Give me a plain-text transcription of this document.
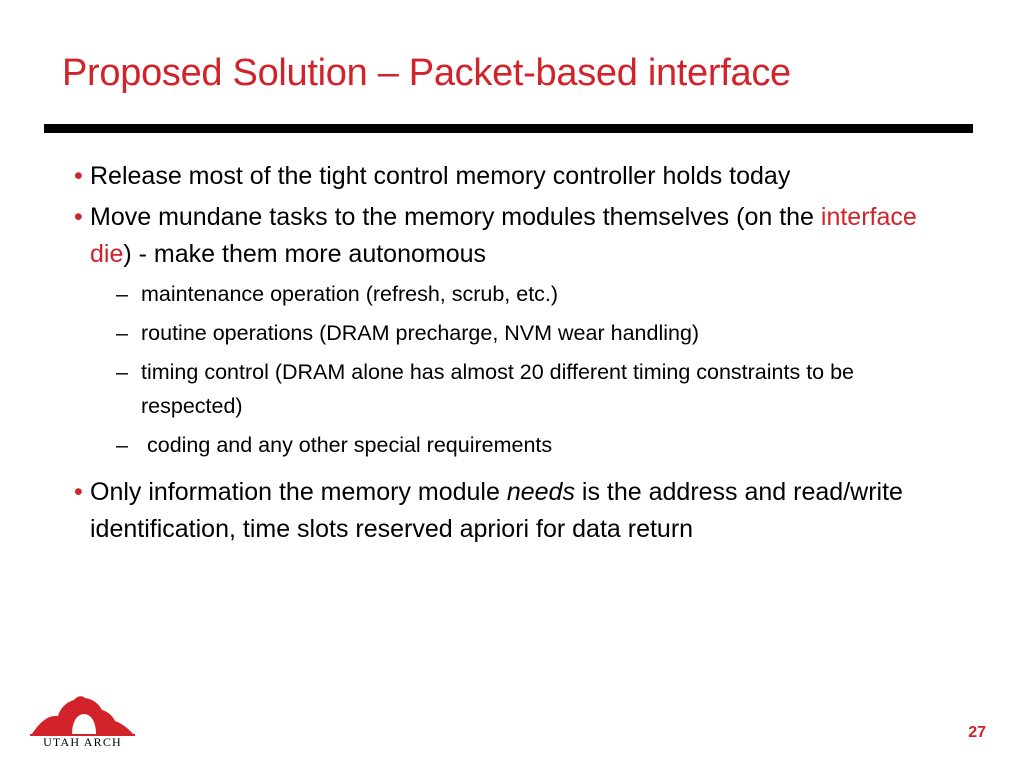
Proposed Solution – Packet-based interface
• Release most of the tight control memory controller holds today
• Move mundane tasks to the memory modules themselves (on the interface die) - make them more autonomous
– maintenance operation (refresh, scrub, etc.)
– routine operations (DRAM precharge, NVM wear handling)
– timing control (DRAM alone has almost 20 different timing constraints to be respected)
– coding and any other special requirements
• Only information the memory module needs is the address and read/write identification, time slots reserved apriori for data return
UTAH ARCH
27
